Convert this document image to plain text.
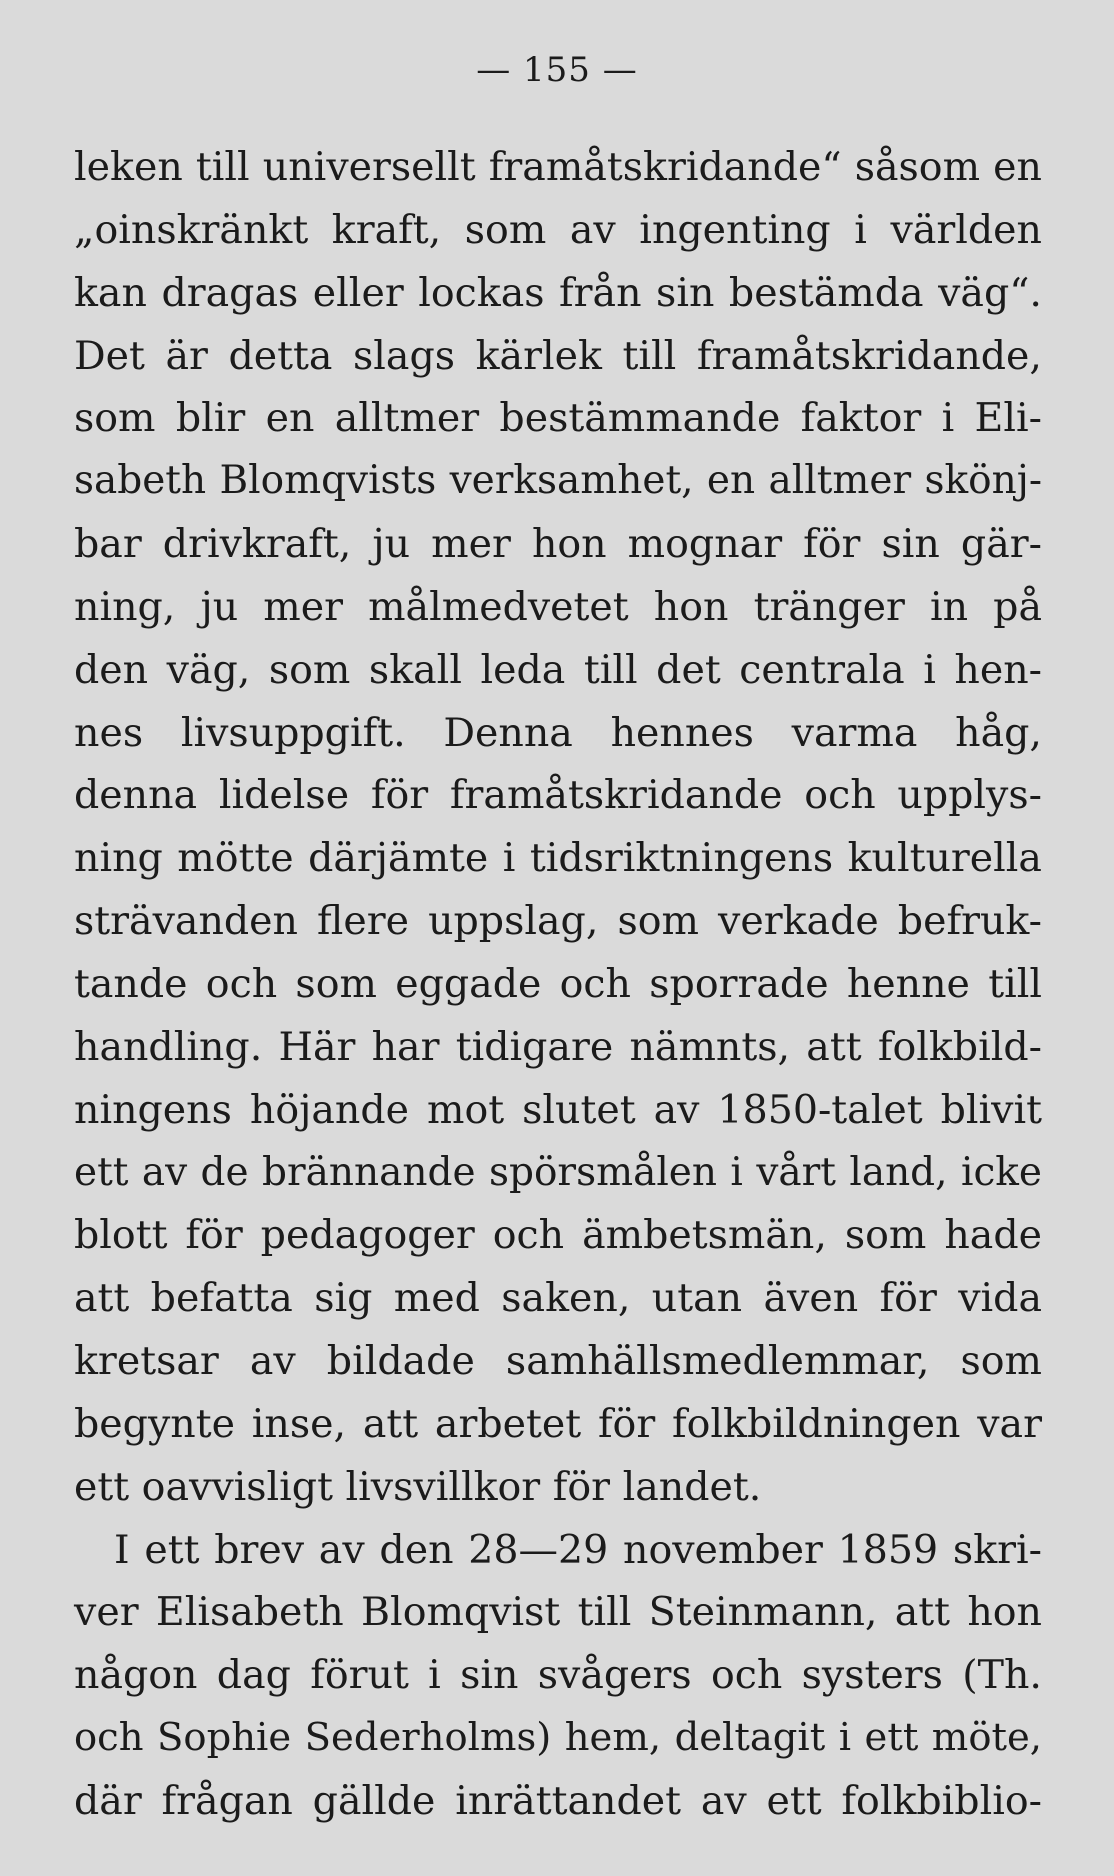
— 155 —
leken till universellt framåtskridande“ såsom en
„oinskränkt kraft, som av ingenting i världen
kan dragas eller lockas från sin bestämda väg“.
Det är detta slags kärlek till framåtskridande,
som blir en alltmer bestämmande faktor i Eli-
sabeth Blomqvists verksamhet, en alltmer skönj-
bar drivkraft, ju mer hon mognar för sin gär-
ning, ju mer målmedvetet hon tränger in på
den väg, som skall leda till det centrala i hen-
nes livsuppgift. Denna hennes varma håg,
denna lidelse för framåtskridande och upplys-
ning mötte därjämte i tidsriktningens kulturella
strävanden flere uppslag, som verkade befruk-
tande och som eggade och sporrade henne till
handling. Här har tidigare nämnts, att folkbild-
ningens höjande mot slutet av 1850-talet blivit
ett av de brännande spörsmålen i vårt land, icke
blott för pedagoger och ämbetsmän, som hade
att befatta sig med saken, utan även för vida
kretsar av bildade samhällsmedlemmar, som
begynte inse, att arbetet för folkbildningen var
ett oavvisligt livsvillkor för landet.
I ett brev av den 28—29 november 1859 skri-
ver Elisabeth Blomqvist till Steinmann, att hon
någon dag förut i sin svågers och systers (Th.
och Sophie Sederholms) hem, deltagit i ett möte,
där frågan gällde inrättandet av ett folkbiblio-
